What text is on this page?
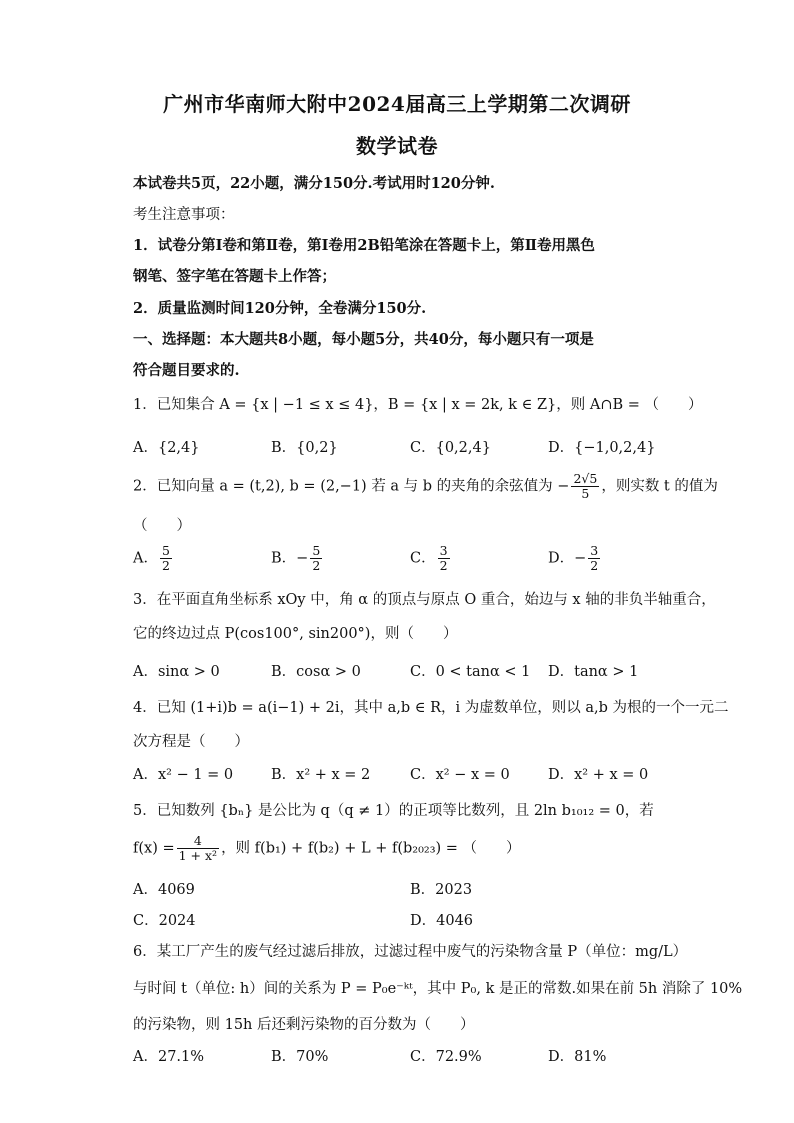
广州市华南师大附中2024届高三上学期第二次调研
数学试卷
本试卷共5页，22小题，满分150分.考试用时120分钟.
考生注意事项：
1．试卷分第Ⅰ卷和第Ⅱ卷，第Ⅰ卷用2B铅笔涂在答题卡上，第Ⅱ卷用黑色
钢笔、签字笔在答题卡上作答；
2．质量监测时间120分钟，全卷满分150分.
一、选择题：本大题共8小题，每小题5分，共40分，每小题只有一项是
符合题目要求的.
1．已知集合 A = {x | −1 ≤ x ≤ 4}，B = {x | x = 2k, k ∈ Z}，则 A∩B = （　　）
A．{2,4}	B．{0,2}	C．{0,2,4}	D．{−1,0,2,4}
2．已知向量 a = (t,2), b = (2,−1) 若 a 与 b 的夹角的余弦值为 − $\frac{2√5}{5}$ ，则实数 t 的值为
（　　）
A． $\frac{5}{2}$	B．− $\frac{5}{2}$	C． $\frac{3}{2}$	D．− $\frac{3}{2}$
3．在平面直角坐标系 xOy 中，角 α 的顶点与原点 O 重合，始边与 x 轴的非负半轴重合，
它的终边过点 P(cos100°, sin200°)，则（　　）
A．sinα > 0	B．cosα > 0	C．0 < tanα < 1 D．tanα > 1
4．已知 (1+i)b = a(i−1) + 2i，其中 a,b ∈ R，i 为虚数单位，则以 a,b 为根的一个一元二
次方程是（　　）
A．x² − 1 = 0	B．x² + x = 2	C．x² − x = 0	D．x² + x = 0
5．已知数列 {bₙ} 是公比为 q（q ≠ 1）的正项等比数列，且 2ln b₁₀₁₂ = 0，若
$f(x) = \frac{4}{\text{1 + x²}}$ ，则 f(b₁) + f(b₂) + L + f(b₂₀₂₃) = （　　）
A．4069	B．2023
C．2024	D．4046
6．某工厂产生的废气经过滤后排放，过滤过程中废气的污染物含量 P（单位：mg/L）
与时间 t（单位: h）间的关系为 P = P₀e⁻ᵏᵗ，其中 P₀, k 是正的常数.如果在前 5h 消除了 10%
的污染物，则 15h 后还剩污染物的百分数为（　　）
A．27.1%	B．70%	C．72.9%	D．81%
